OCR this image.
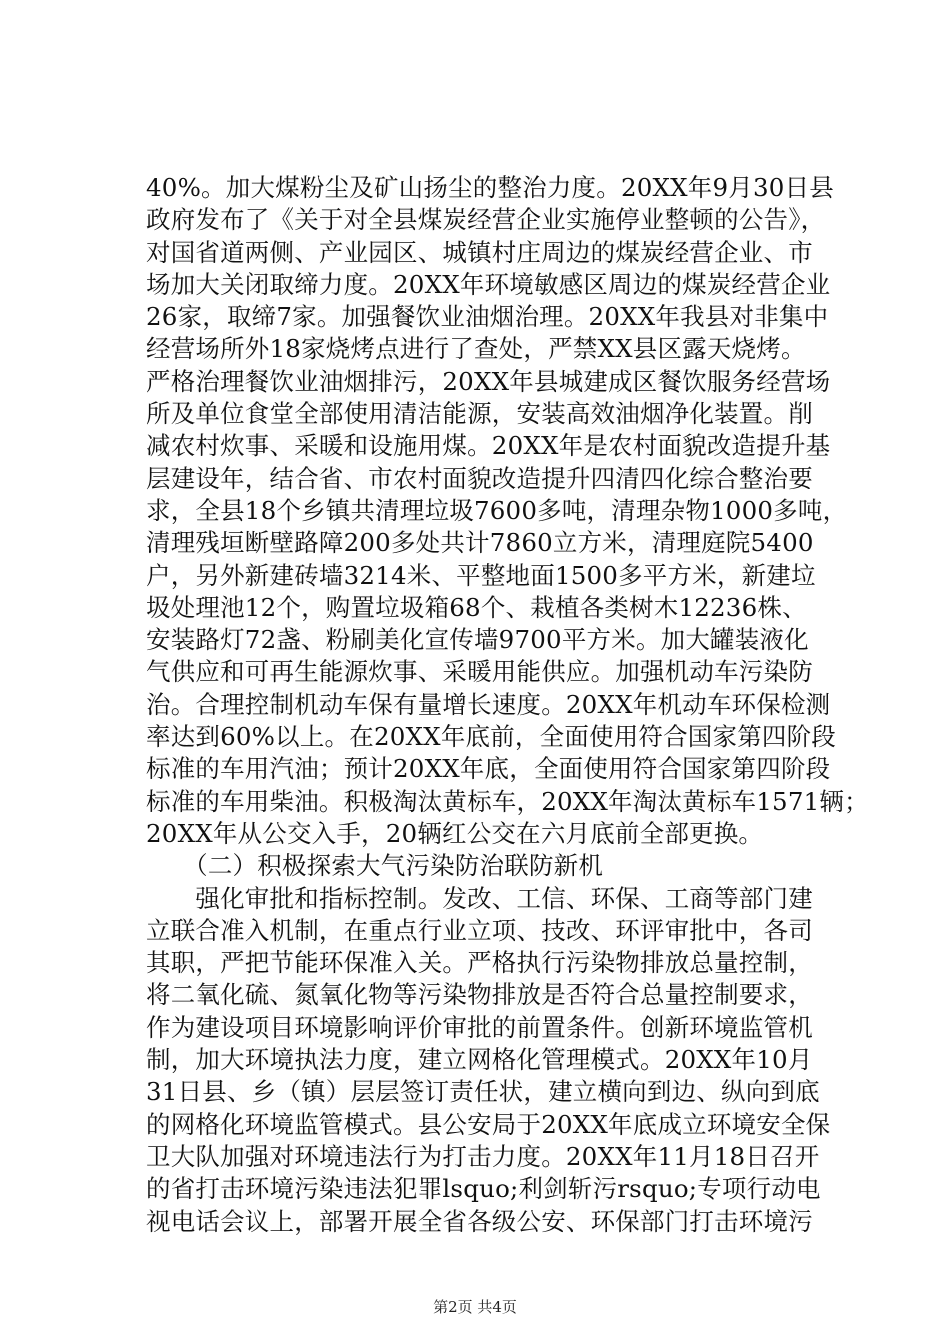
40%。加大煤粉尘及矿山扬尘的整治力度。20XX年9月30日县
政府发布了《关于对全县煤炭经营企业实施停业整顿的公告》，
对国省道两侧、产业园区、城镇村庄周边的煤炭经营企业、市
场加大关闭取缔力度。20XX年环境敏感区周边的煤炭经营企业
26家，取缔7家。加强餐饮业油烟治理。20XX年我县对非集中
经营场所外18家烧烤点进行了查处，严禁XX县区露天烧烤。
严格治理餐饮业油烟排污，20XX年县城建成区餐饮服务经营场
所及单位食堂全部使用清洁能源，安装高效油烟净化装置。削
减农村炊事、采暖和设施用煤。20XX年是农村面貌改造提升基
层建设年，结合省、市农村面貌改造提升四清四化综合整治要
求，全县18个乡镇共清理垃圾7600多吨，清理杂物1000多吨，
清理残垣断壁路障200多处共计7860立方米，清理庭院5400
户，另外新建砖墙3214米、平整地面1500多平方米，新建垃
圾处理池12个，购置垃圾箱68个、栽植各类树木12236株、
安装路灯72盏、粉刷美化宣传墙9700平方米。加大罐装液化
气供应和可再生能源炊事、采暖用能供应。加强机动车污染防
治。合理控制机动车保有量增长速度。20XX年机动车环保检测
率达到60%以上。在20XX年底前，全面使用符合国家第四阶段
标准的车用汽油；预计20XX年底，全面使用符合国家第四阶段
标准的车用柴油。积极淘汰黄标车，20XX年淘汰黄标车1571辆；
20XX年从公交入手，20辆红公交在六月底前全部更换。
　　（二）积极探索大气污染防治联防新机
　　强化审批和指标控制。发改、工信、环保、工商等部门建
立联合准入机制，在重点行业立项、技改、环评审批中，各司
其职，严把节能环保准入关。严格执行污染物排放总量控制，
将二氧化硫、氮氧化物等污染物排放是否符合总量控制要求，
作为建设项目环境影响评价审批的前置条件。创新环境监管机
制，加大环境执法力度，建立网格化管理模式。20XX年10月
31日县、乡（镇）层层签订责任状，建立横向到边、纵向到底
的网格化环境监管模式。县公安局于20XX年底成立环境安全保
卫大队加强对环境违法行为打击力度。20XX年11月18日召开
的省打击环境污染违法犯罪lsquo;利剑斩污rsquo;专项行动电
视电话会议上，部署开展全省各级公安、环保部门打击环境污
第2页 共4页
